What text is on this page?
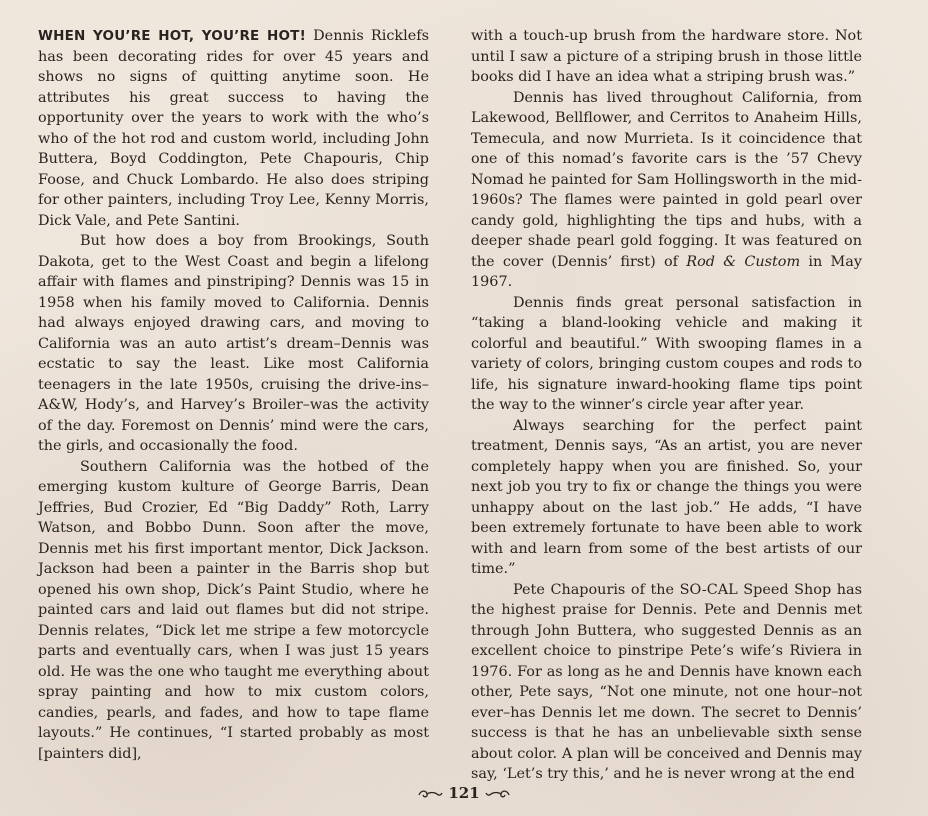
WHEN YOU’RE HOT, YOU’RE HOT! Dennis Ricklefs has been decorating rides for over 45 years and shows no signs of quitting anytime soon. He attributes his great success to having the opportunity over the years to work with the who’s who of the hot rod and custom world, including John Buttera, Boyd Coddington, Pete Chapouris, Chip Foose, and Chuck Lombardo. He also does striping for other painters, including Troy Lee, Kenny Morris, Dick Vale, and Pete Santini.

But how does a boy from Brookings, South Dakota, get to the West Coast and begin a lifelong affair with flames and pinstriping? Dennis was 15 in 1958 when his family moved to California. Dennis had always enjoyed drawing cars, and moving to California was an auto artist’s dream–Dennis was ecstatic to say the least. Like most California teenagers in the late 1950s, cruising the drive-ins–A&W, Hody’s, and Harvey’s Broiler–was the activity of the day. Foremost on Dennis’ mind were the cars, the girls, and occasionally the food.

Southern California was the hotbed of the emerging kustom kulture of George Barris, Dean Jeffries, Bud Crozier, Ed “Big Daddy” Roth, Larry Watson, and Bobbo Dunn. Soon after the move, Dennis met his first important mentor, Dick Jackson. Jackson had been a painter in the Barris shop but opened his own shop, Dick’s Paint Studio, where he painted cars and laid out flames but did not stripe. Dennis relates, “Dick let me stripe a few motorcycle parts and eventually cars, when I was just 15 years old. He was the one who taught me everything about spray painting and how to mix custom colors, candies, pearls, and fades, and how to tape flame layouts.” He continues, “I started probably as most [painters did],

with a touch-up brush from the hardware store. Not until I saw a picture of a striping brush in those little books did I have an idea what a striping brush was.”

Dennis has lived throughout California, from Lakewood, Bellflower, and Cerritos to Anaheim Hills, Temecula, and now Murrieta. Is it coincidence that one of this nomad’s favorite cars is the ’57 Chevy Nomad he painted for Sam Hollingsworth in the mid-1960s? The flames were painted in gold pearl over candy gold, highlighting the tips and hubs, with a deeper shade pearl gold fogging. It was featured on the cover (Dennis’ first) of Rod & Custom in May 1967.

Dennis finds great personal satisfaction in “taking a bland-looking vehicle and making it colorful and beautiful.” With swooping flames in a variety of colors, bringing custom coupes and rods to life, his signature inward-hooking flame tips point the way to the winner’s circle year after year.

Always searching for the perfect paint treatment, Dennis says, “As an artist, you are never completely happy when you are finished. So, your next job you try to fix or change the things you were unhappy about on the last job.” He adds, “I have been extremely fortunate to have been able to work with and learn from some of the best artists of our time.”

Pete Chapouris of the SO-CAL Speed Shop has the highest praise for Dennis. Pete and Dennis met through John Buttera, who suggested Dennis as an excellent choice to pinstripe Pete’s wife’s Riviera in 1976. For as long as he and Dennis have known each other, Pete says, “Not one minute, not one hour–not ever–has Dennis let me down. The secret to Dennis’ success is that he has an unbelievable sixth sense about color. A plan will be conceived and Dennis may say, ‘Let’s try this,’ and he is never wrong at the end

121
